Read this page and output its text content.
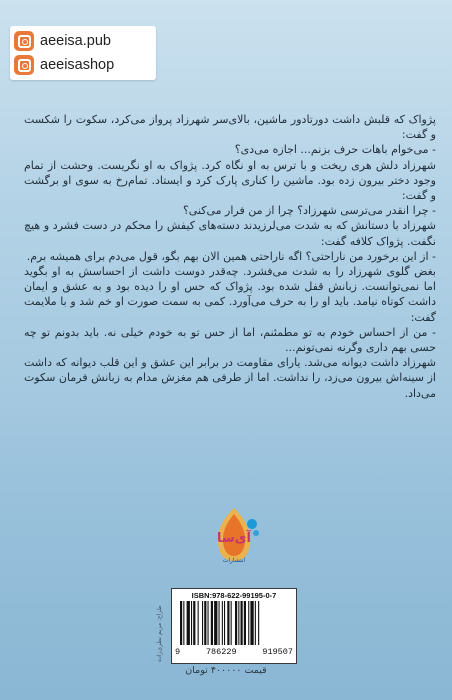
aeeisa.pub
aeeisashop

پژواک که قلبش داشت دورتادور ماشین، بالای‌سر شهرزاد پرواز می‌کرد، سکوت را شکست و گفت:

- می‌خوام باهات حرف بزنم... اجازه می‌دی؟

شهرزاد دلش هری ریخت و با ترس به او نگاه کرد. پژواک به او نگریست. وحشت از تمام وجود دختر بیرون زده بود. ماشین را کناری پارک کرد و ایستاد. تمام‌رخ به سوی او برگشت و گفت:

- چرا انقدر می‌ترسی شهرزاد؟ چرا از من فرار می‌کنی؟

شهرزاد با دستانش که به شدت می‌لرزیدند دسته‌های کیفش را محکم در دست فشرد و هیچ نگفت. پژواک کلافه گفت:

- از این برخورد من ناراحتی؟ اگه ناراحتی همین الان بهم بگو، قول می‌دم برای همیشه برم.

بغض گلوی شهرزاد را به شدت می‌فشرد. چه‌قدر دوست داشت از احساسش به او بگوید اما نمی‌توانست. زبانش قفل شده بود. پژواک که حس او را دیده بود و به عشق و ایمان داشت کوتاه نیامد. باید او را به حرف می‌آورد. کمی به سمت صورت او خم شد و با ملایمت گفت:

- من از احساس خودم به تو مطمئنم، اما از حس تو به خودم خیلی نه. باید بدونم تو چه حسی بهم داری وگرنه نمی‌تونم...

شهرزاد داشت دیوانه می‌شد. یارای مقاومت در برابر این عشق و این قلب دیوانه که داشت از سینه‌اش بیرون می‌زد، را نداشت. اما از طرفی هم مغزش مدام به زبانش فرمان سکوت می‌داد.

آی‌سا
انتشارات
طراح: مریم نظری‌زاده
ISBN:978-622-99195-0-7
9	786229	919507
قیمت ۴۰۰۰۰۰ تومان
